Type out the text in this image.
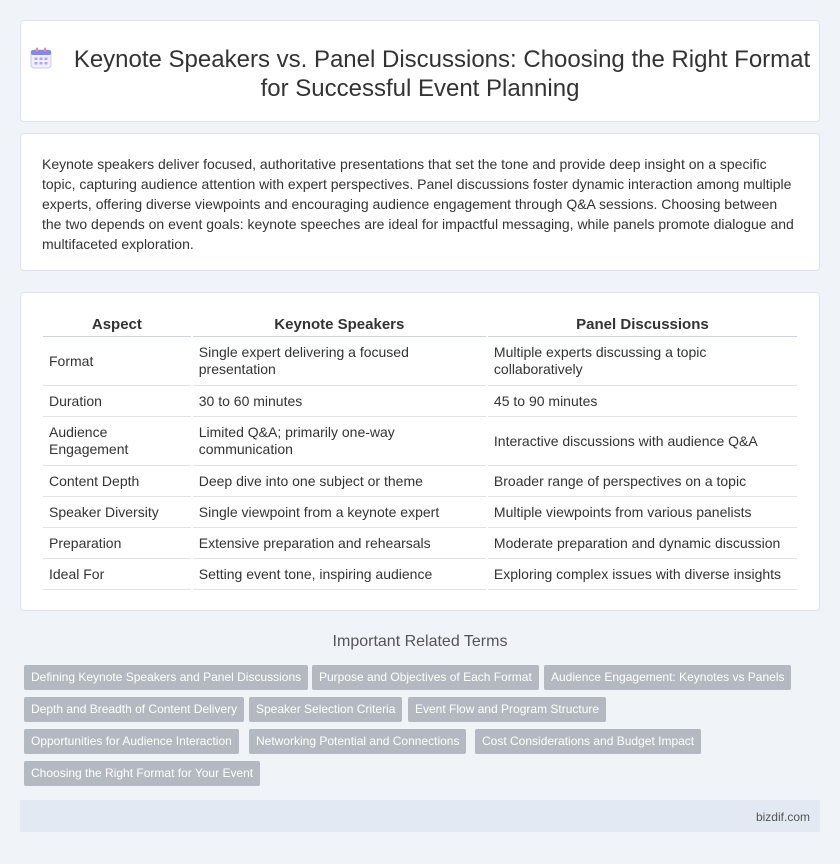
Keynote Speakers vs. Panel Discussions: Choosing the Right Format for Successful Event Planning

Keynote speakers deliver focused, authoritative presentations that set the tone and provide deep insight on a specific topic, capturing audience attention with expert perspectives. Panel discussions foster dynamic interaction among multiple experts, offering diverse viewpoints and encouraging audience engagement through Q&A sessions. Choosing between the two depends on event goals: keynote speeches are ideal for impactful messaging, while panels promote dialogue and multifaceted exploration.

Aspect	Keynote Speakers	Panel Discussions
Format	Single expert delivering a focused presentation	Multiple experts discussing a topic collaboratively
Duration	30 to 60 minutes	45 to 90 minutes
Audience Engagement	Limited Q&A; primarily one-way communication	Interactive discussions with audience Q&A
Content Depth	Deep dive into one subject or theme	Broader range of perspectives on a topic
Speaker Diversity	Single viewpoint from a keynote expert	Multiple viewpoints from various panelists
Preparation	Extensive preparation and rehearsals	Moderate preparation and dynamic discussion
Ideal For	Setting event tone, inspiring audience	Exploring complex issues with diverse insights
Important Related Terms
Defining Keynote Speakers and Panel Discussions	Purpose and Objectives of Each Format	Audience Engagement: Keynotes vs Panels
Depth and Breadth of Content Delivery	Speaker Selection Criteria	Event Flow and Program Structure
Opportunities for Audience Interaction	Networking Potential and Connections	Cost Considerations and Budget Impact
Choosing the Right Format for Your Event
bizdif.com
